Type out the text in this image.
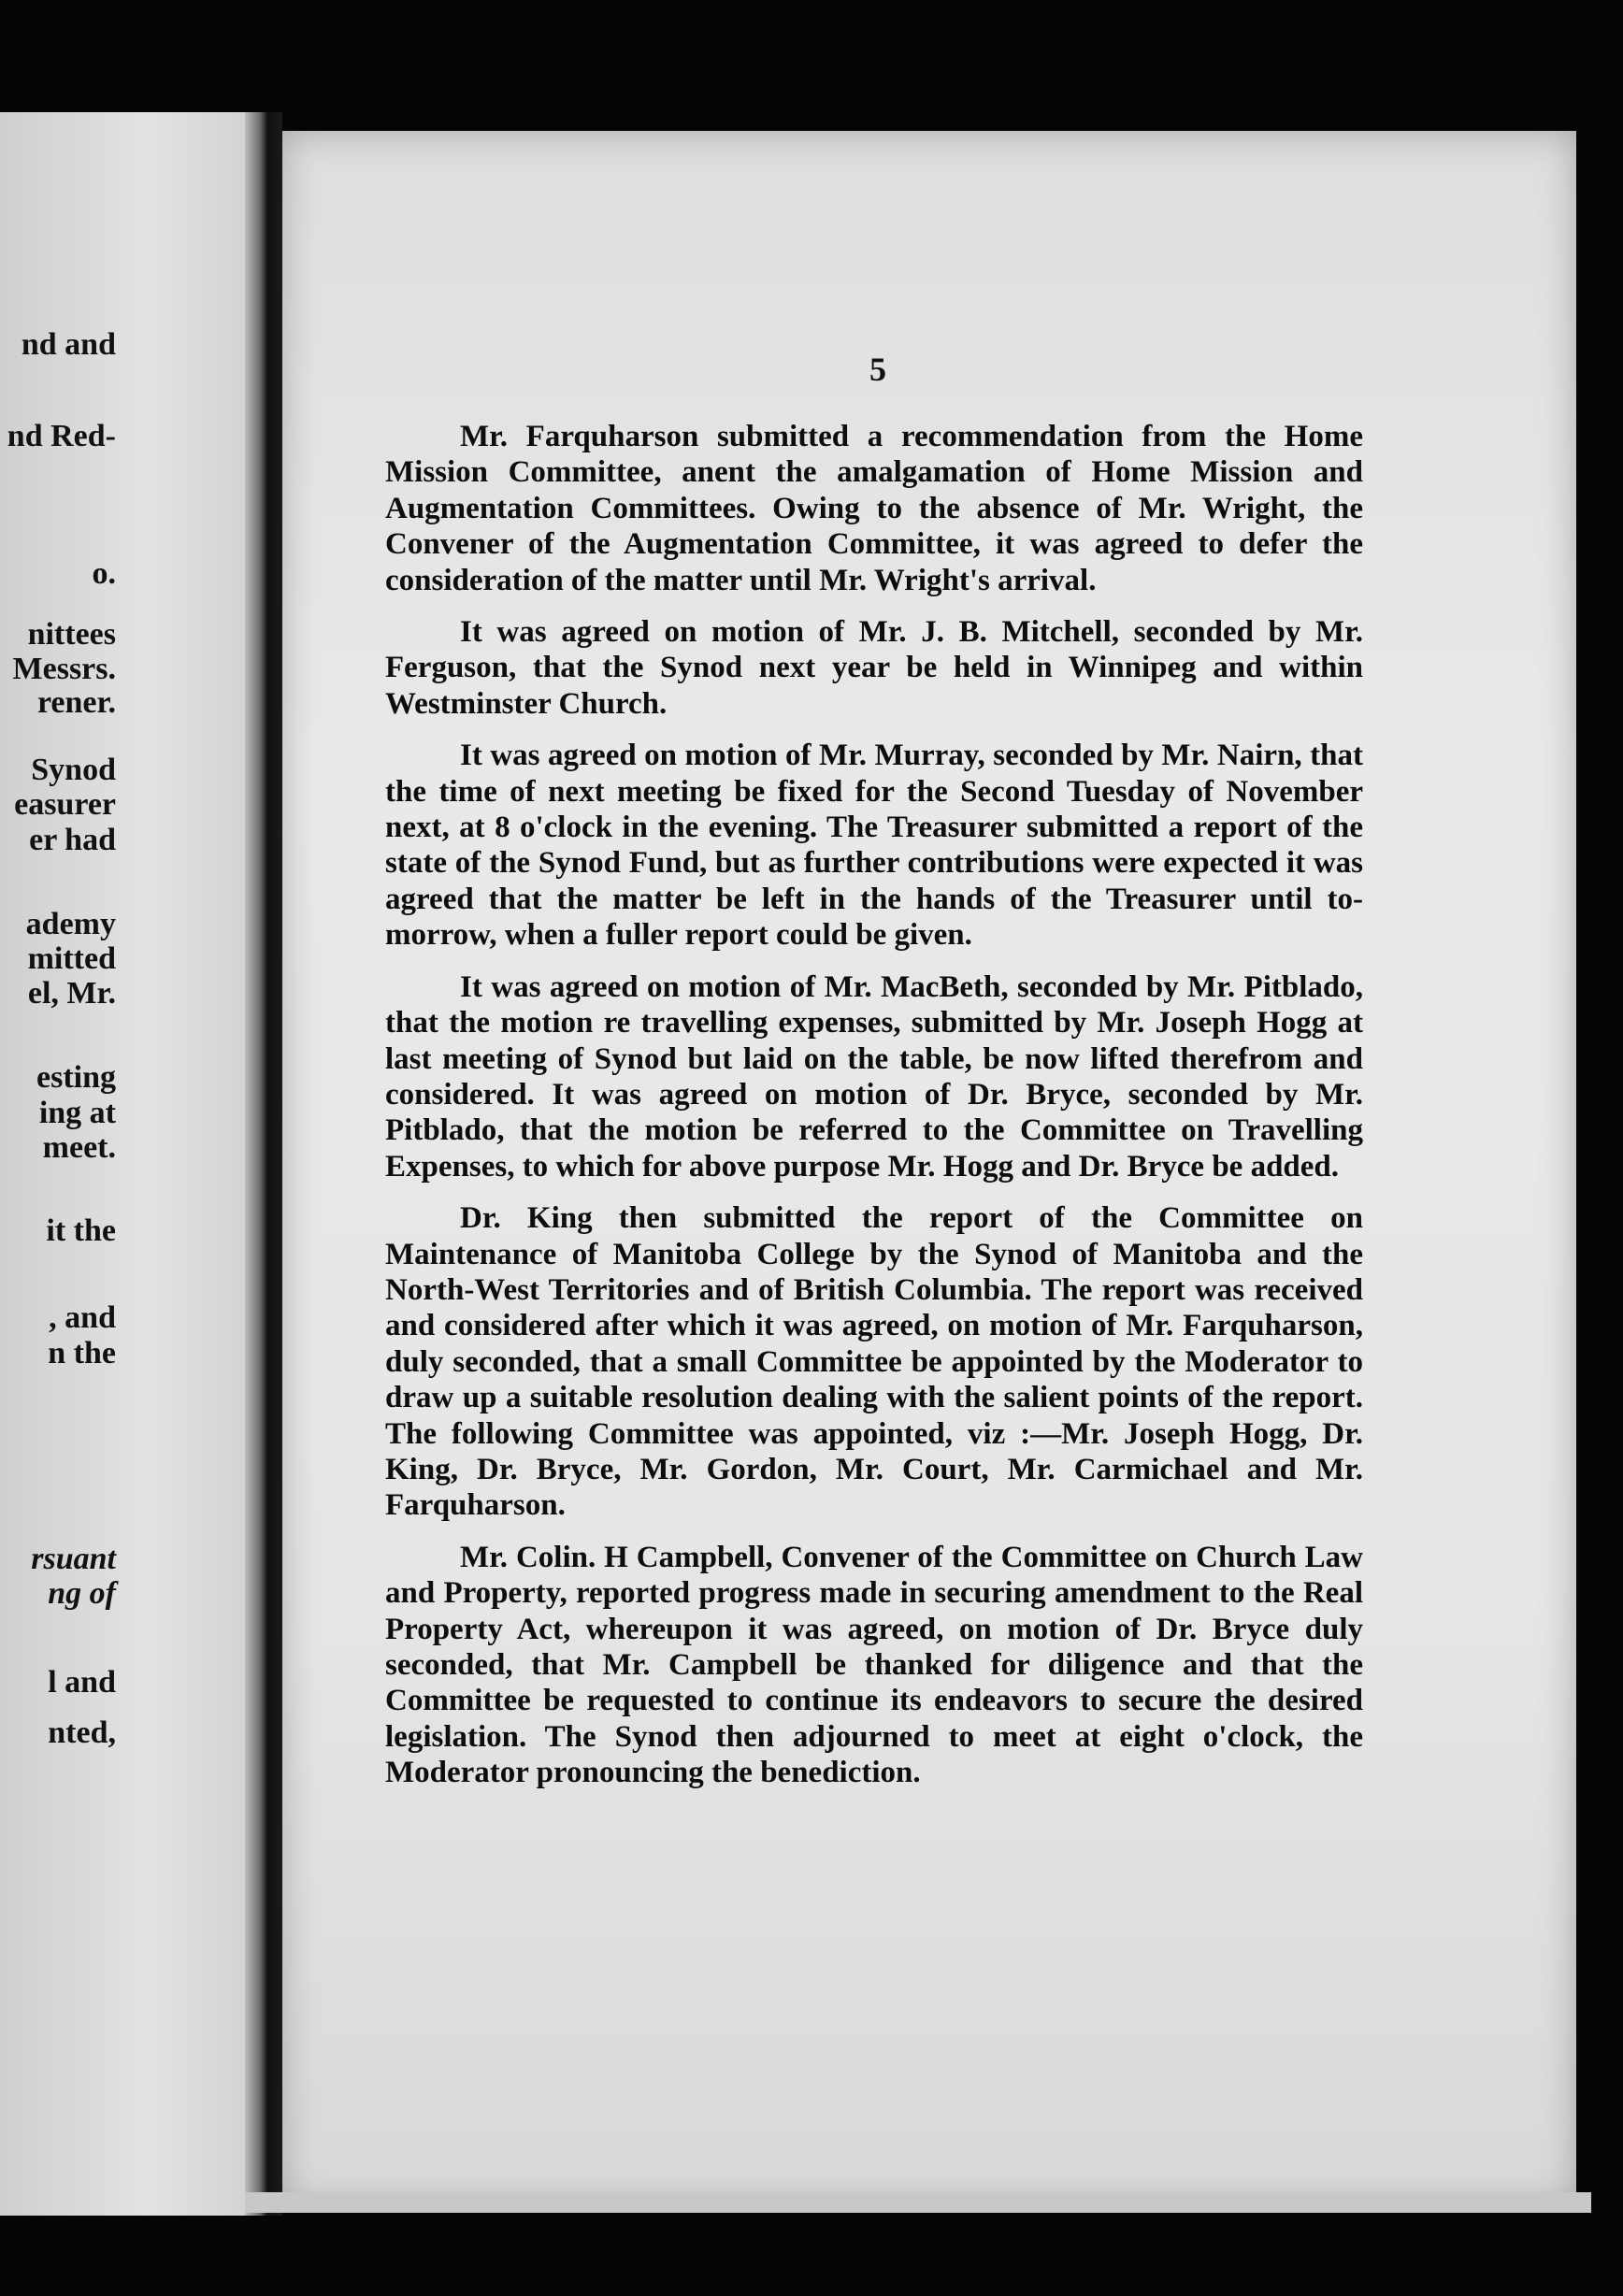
nd and
nd Red-
o.
nittees
Messrs.
rener.
Synod
easurer
er had
ademy
mitted
el, Mr.
esting
ing at
meet.
it the
, and
n the
rsuant
ng of
l and
nted,
5

Mr. Farquharson submitted a recommendation from the Home Mission Committee, anent the amalgamation of Home Mission and Augmentation Committees. Owing to the absence of Mr. Wright, the Convener of the Augmentation Committee, it was agreed to defer the consideration of the matter until Mr. Wright's arrival.

It was agreed on motion of Mr. J. B. Mitchell, seconded by Mr. Ferguson, that the Synod next year be held in Winnipeg and within Westminster Church.

It was agreed on motion of Mr. Murray, seconded by Mr. Nairn, that the time of next meeting be fixed for the Second Tuesday of November next, at 8 o'clock in the evening. The Treasurer submitted a report of the state of the Synod Fund, but as further contributions were expected it was agreed that the matter be left in the hands of the Treasurer until to-morrow, when a fuller report could be given.

It was agreed on motion of Mr. MacBeth, seconded by Mr. Pitblado, that the motion re travelling expenses, submitted by Mr. Joseph Hogg at last meeting of Synod but laid on the table, be now lifted therefrom and considered. It was agreed on motion of Dr. Bryce, seconded by Mr. Pitblado, that the motion be referred to the Committee on Travelling Expenses, to which for above purpose Mr. Hogg and Dr. Bryce be added.

Dr. King then submitted the report of the Committee on Maintenance of Manitoba College by the Synod of Manitoba and the North-West Territories and of British Columbia. The report was received and considered after which it was agreed, on motion of Mr. Farquharson, duly seconded, that a small Committee be appointed by the Moderator to draw up a suitable resolution dealing with the salient points of the report. The following Committee was appointed, viz :—Mr. Joseph Hogg, Dr. King, Dr. Bryce, Mr. Gordon, Mr. Court, Mr. Carmichael and Mr. Farquharson.

Mr. Colin. H Campbell, Convener of the Committee on Church Law and Property, reported progress made in securing amendment to the Real Property Act, whereupon it was agreed, on motion of Dr. Bryce duly seconded, that Mr. Campbell be thanked for diligence and that the Committee be requested to continue its endeavors to secure the desired legislation. The Synod then adjourned to meet at eight o'clock, the Moderator pronouncing the benediction.
